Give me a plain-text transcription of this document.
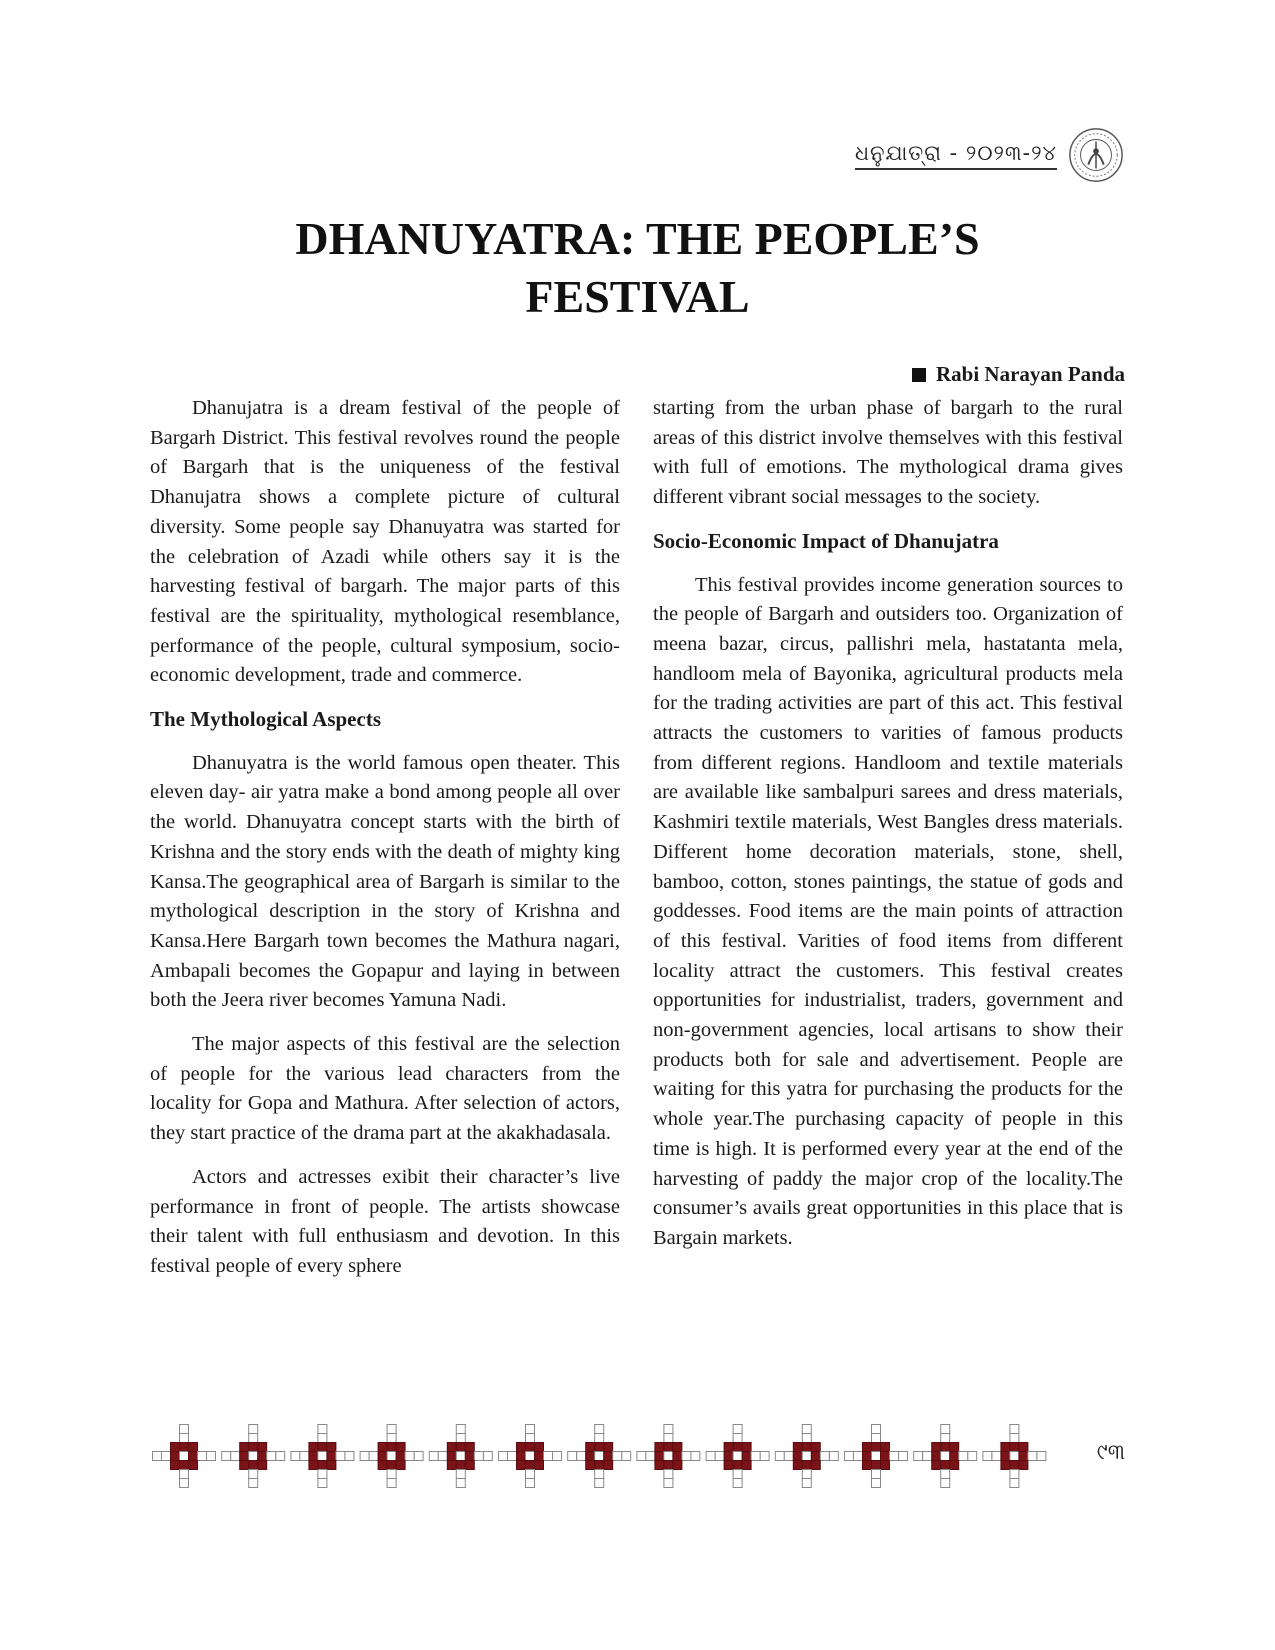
ଧନୁଯାତ୍ରା - ୨୦୨୩-୨୪
DHANUYATRA: THE PEOPLE’S
FESTIVAL
Rabi Narayan Panda

Dhanujatra is a dream festival of the people of Bargarh District. This festival revolves round the people of Bargarh that is the uniqueness of the festival Dhanujatra shows a complete picture of cultural diversity. Some people say Dhanuyatra was started for the celebration of Azadi while others say it is the harvesting festival of bargarh. The major parts of this festival are the spirituality, mythological resemblance, performance of the people, cultural symposium, socio-economic development, trade and commerce.

The Mythological Aspects

Dhanuyatra is the world famous open theater. This eleven day- air yatra make a bond among people all over the world. Dhanuyatra concept starts with the birth of Krishna and the story ends with the death of mighty king Kansa.The geographical area of Bargarh is similar to the mythological description in the story of Krishna and Kansa.Here Bargarh town becomes the Mathura nagari, Ambapali becomes the Gopapur and laying in between both the Jeera river becomes Yamuna Nadi.

The major aspects of this festival are the selection of people for the various lead characters from the locality for Gopa and Mathura. After selection of actors, they start practice of the drama part at the akakhadasala.

Actors and actresses exibit their character’s live performance in front of people. The artists showcase their talent with full enthusiasm and devotion. In this festival people of every sphere

starting from the urban phase of bargarh to the rural areas of this district involve themselves with this festival with full of emotions. The mythological drama gives different vibrant social messages to the society.

Socio-Economic Impact of Dhanujatra

This festival provides income generation sources to the people of Bargarh and outsiders too. Organization of meena bazar, circus, pallishri mela, hastatanta mela, handloom mela of Bayonika, agricultural products mela for the trading activities are part of this act. This festival attracts the customers to varities of famous products from different regions. Handloom and textile materials are available like sambalpuri sarees and dress materials, Kashmiri textile materials, West Bangles dress materials. Different home decoration materials, stone, shell, bamboo, cotton, stones paintings, the statue of gods and goddesses. Food items are the main points of attraction of this festival. Varities of food items from different locality attract the customers. This festival creates opportunities for industrialist, traders, government and non-government agencies, local artisans to show their products both for sale and advertisement. People are waiting for this yatra for purchasing the products for the whole year.The purchasing capacity of people in this time is high. It is performed every year at the end of the harvesting of paddy the major crop of the locality.The consumer’s avails great opportunities in this place that is Bargain markets.

୯୩
